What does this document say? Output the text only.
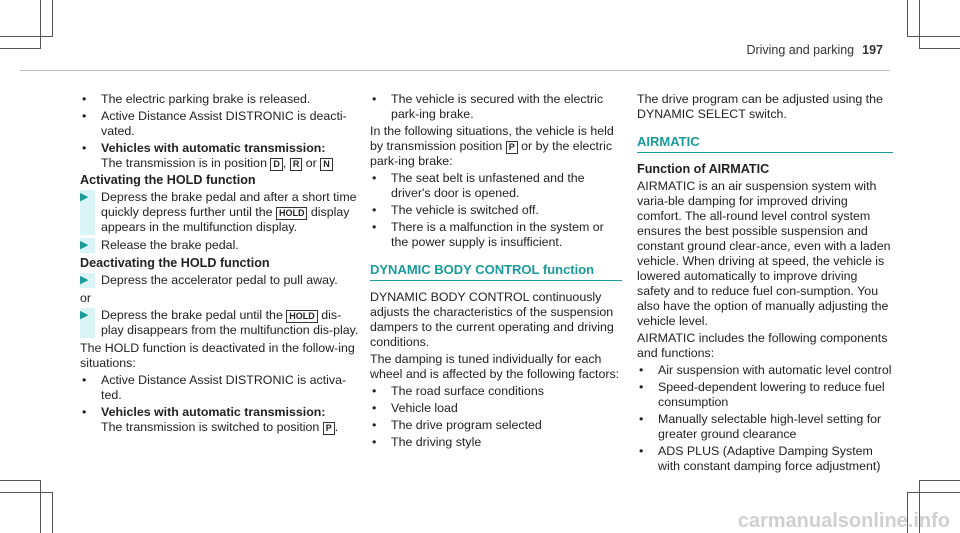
Driving and parking 197
•	The electric parking brake is released.
•	Active Distance Assist DISTRONIC is deacti-vated.
•	Vehicles with automatic transmission:
The transmission is in position D , R or N
Activating the HOLD function
▶	Depress the brake pedal and after a short time quickly depress further until the HOLD display appears in the multifunction display.
▶	Release the brake pedal.
Deactivating the HOLD function
▶	Depress the accelerator pedal to pull away.

or

▶	Depress the brake pedal until the HOLD dis-play disappears from the multifunction dis-play.

The HOLD function is deactivated in the follow-ing situations:

•	Active Distance Assist DISTRONIC is activa-ted.
•	Vehicles with automatic transmission:
The transmission is switched to position P .
•	The vehicle is secured with the electric park-ing brake.

In the following situations, the vehicle is held by transmission position P or by the electric park-ing brake:

•	The seat belt is unfastened and the driver's door is opened.
•	The vehicle is switched off.
•	There is a malfunction in the system or the power supply is insufficient.
DYNAMIC BODY CONTROL function

DYNAMIC BODY CONTROL continuously adjusts the characteristics of the suspension dampers to the current operating and driving conditions.

The damping is tuned individually for each wheel and is affected by the following factors:

•	The road surface conditions
•	Vehicle load
•	The drive program selected
•	The driving style

The drive program can be adjusted using the DYNAMIC SELECT switch.

AIRMATIC
Function of AIRMATIC

AIRMATIC is an air suspension system with varia-ble damping for improved driving comfort. The all-round level control system ensures the best possible suspension and constant ground clear-ance, even with a laden vehicle. When driving at speed, the vehicle is lowered automatically to improve driving safety and to reduce fuel con-sumption. You also have the option of manually adjusting the vehicle level.

AIRMATIC includes the following components and functions:

•	Air suspension with automatic level control
•	Speed-dependent lowering to reduce fuel consumption
•	Manually selectable high-level setting for greater ground clearance
•	ADS PLUS (Adaptive Damping System with constant damping force adjustment)
carmanualsonline.info
